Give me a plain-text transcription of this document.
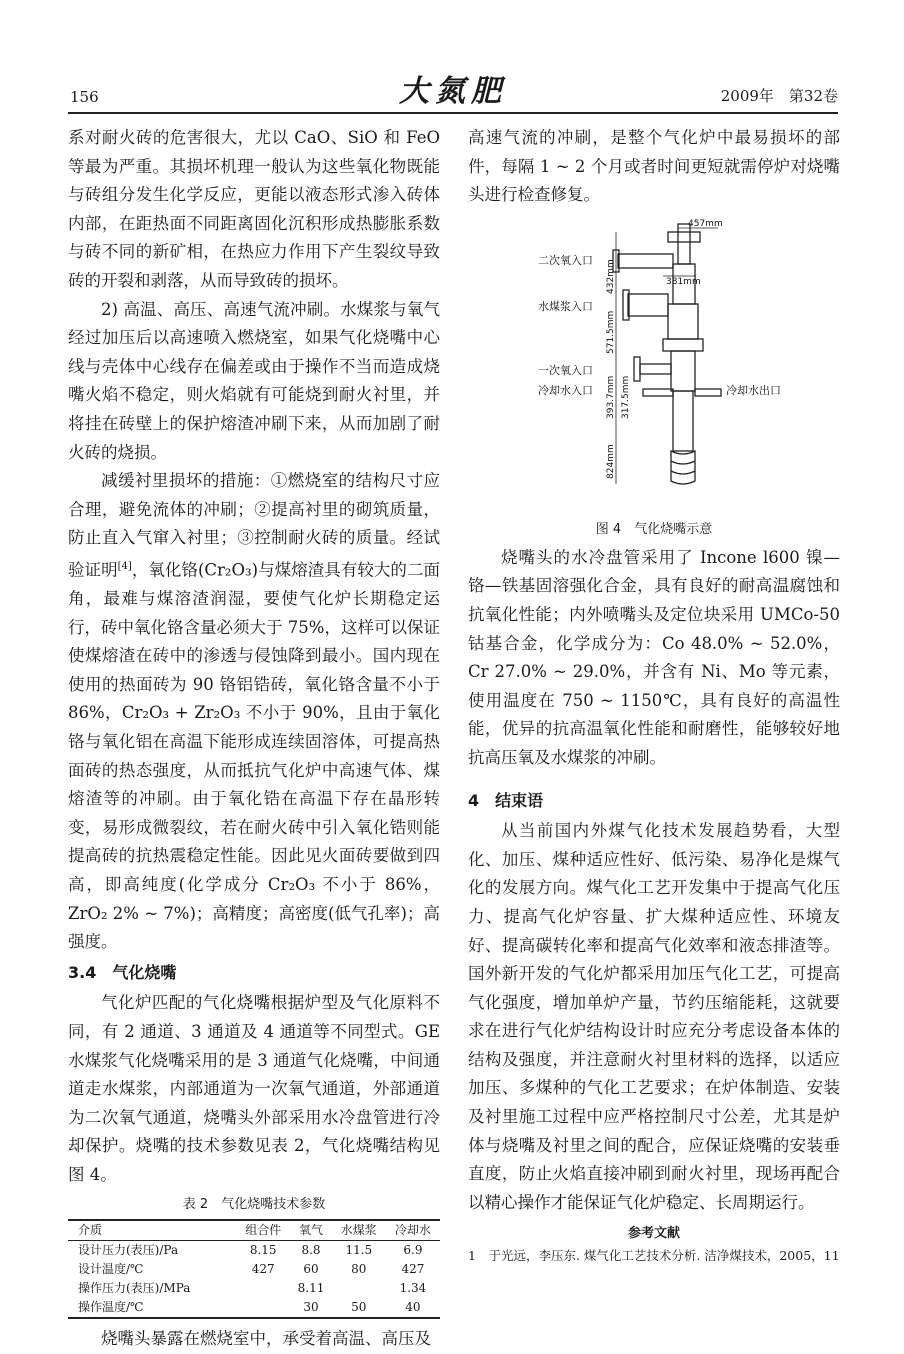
156	大氮肥	2009年　第32卷

系对耐火砖的危害很大，尤以 CaO、SiO 和 FeO 等最为严重。其损坏机理一般认为这些氧化物既能与砖组分发生化学反应，更能以液态形式渗入砖体内部，在距热面不同距离固化沉积形成热膨胀系数与砖不同的新矿相，在热应力作用下产生裂纹导致砖的开裂和剥落，从而导致砖的损坏。

2) 高温、高压、高速气流冲刷。水煤浆与氧气经过加压后以高速喷入燃烧室，如果气化烧嘴中心线与壳体中心线存在偏差或由于操作不当而造成烧嘴火焰不稳定，则火焰就有可能烧到耐火衬里，并将挂在砖壁上的保护熔渣冲刷下来，从而加剧了耐火砖的烧损。

减缓衬里损坏的措施：①燃烧室的结构尺寸应合理，避免流体的冲刷；②提高衬里的砌筑质量，防止直入气窜入衬里；③控制耐火砖的质量。经试验证明[4]，氧化铬(Cr₂O₃)与煤熔渣具有较大的二面角，最难与煤溶渣润湿，要使气化炉长期稳定运行，砖中氧化铬含量必须大于 75%，这样可以保证使煤熔渣在砖中的渗透与侵蚀降到最小。国内现在使用的热面砖为 90 铬铝锆砖，氧化铬含量不小于 86%，Cr₂O₃ + Zr₂O₃ 不小于 90%，且由于氧化铬与氧化铝在高温下能形成连续固溶体，可提高热面砖的热态强度，从而抵抗气化炉中高速气体、煤熔渣等的冲刷。由于氧化锆在高温下存在晶形转变，易形成微裂纹，若在耐火砖中引入氧化锆则能提高砖的抗热震稳定性能。因此见火面砖要做到四高，即高纯度(化学成分 Cr₂O₃ 不小于 86%，ZrO₂ 2% ~ 7%)；高精度；高密度(低气孔率)；高强度。

3.4　气化烧嘴

气化炉匹配的气化烧嘴根据炉型及气化原料不同，有 2 通道、3 通道及 4 通道等不同型式。GE 水煤浆气化烧嘴采用的是 3 通道气化烧嘴，中间通道走水煤浆，内部通道为一次氧气通道，外部通道为二次氧气通道，烧嘴头外部采用水冷盘管进行冷却保护。烧嘴的技术参数见表 2，气化烧嘴结构见图 4。

表 2　气化烧嘴技术参数

介质	组合件	氧气	水煤浆	冷却水
设计压力(表压)/Pa	8.15	8.8	11.5	6.9
设计温度/℃	427	60	80	427
操作压力(表压)/MPa		8.11		1.34
操作温度/℃		30	50	40

烧嘴头暴露在燃烧室中，承受着高温、高压及

高速气流的冲刷，是整个气化炉中最易损坏的部件，每隔 1 ~ 2 个月或者时间更短就需停炉对烧嘴头进行检查修复。

二次氧入口
水煤浆入口
一次氧入口
冷却水入口	冷却水出口
457mm
381mm
432mm
571.5mm
393.7mm 317.5mm
824mm

图 4　气化烧嘴示意

烧嘴头的水冷盘管采用了 Incone l600 镍—铬—铁基固溶强化合金，具有良好的耐高温腐蚀和抗氧化性能；内外喷嘴头及定位块采用 UMCo-50 钴基合金，化学成分为：Co 48.0% ~ 52.0%，Cr 27.0% ~ 29.0%，并含有 Ni、Mo 等元素，使用温度在 750 ~ 1150℃，具有良好的高温性能，优异的抗高温氧化性能和耐磨性，能够较好地抗高压氧及水煤浆的冲刷。

4　结束语

从当前国内外煤气化技术发展趋势看，大型化、加压、煤种适应性好、低污染、易净化是煤气化的发展方向。煤气化工艺开发集中于提高气化压力、提高气化炉容量、扩大煤种适应性、环境友好、提高碳转化率和提高气化效率和液态排渣等。国外新开发的气化炉都采用加压气化工艺，可提高气化强度，增加单炉产量，节约压缩能耗，这就要求在进行气化炉结构设计时应充分考虑设备本体的结构及强度，并注意耐火衬里材料的选择，以适应加压、多煤种的气化工艺要求；在炉体制造、安装及衬里施工过程中应严格控制尺寸公差，尤其是炉体与烧嘴及衬里之间的配合，应保证烧嘴的安装垂直度，防止火焰直接冲刷到耐火衬里，现场再配合以精心操作才能保证气化炉稳定、长周期运行。

参考文献

1　于光远，李压东. 煤气化工艺技术分析. 洁净煤技术，2005，11
